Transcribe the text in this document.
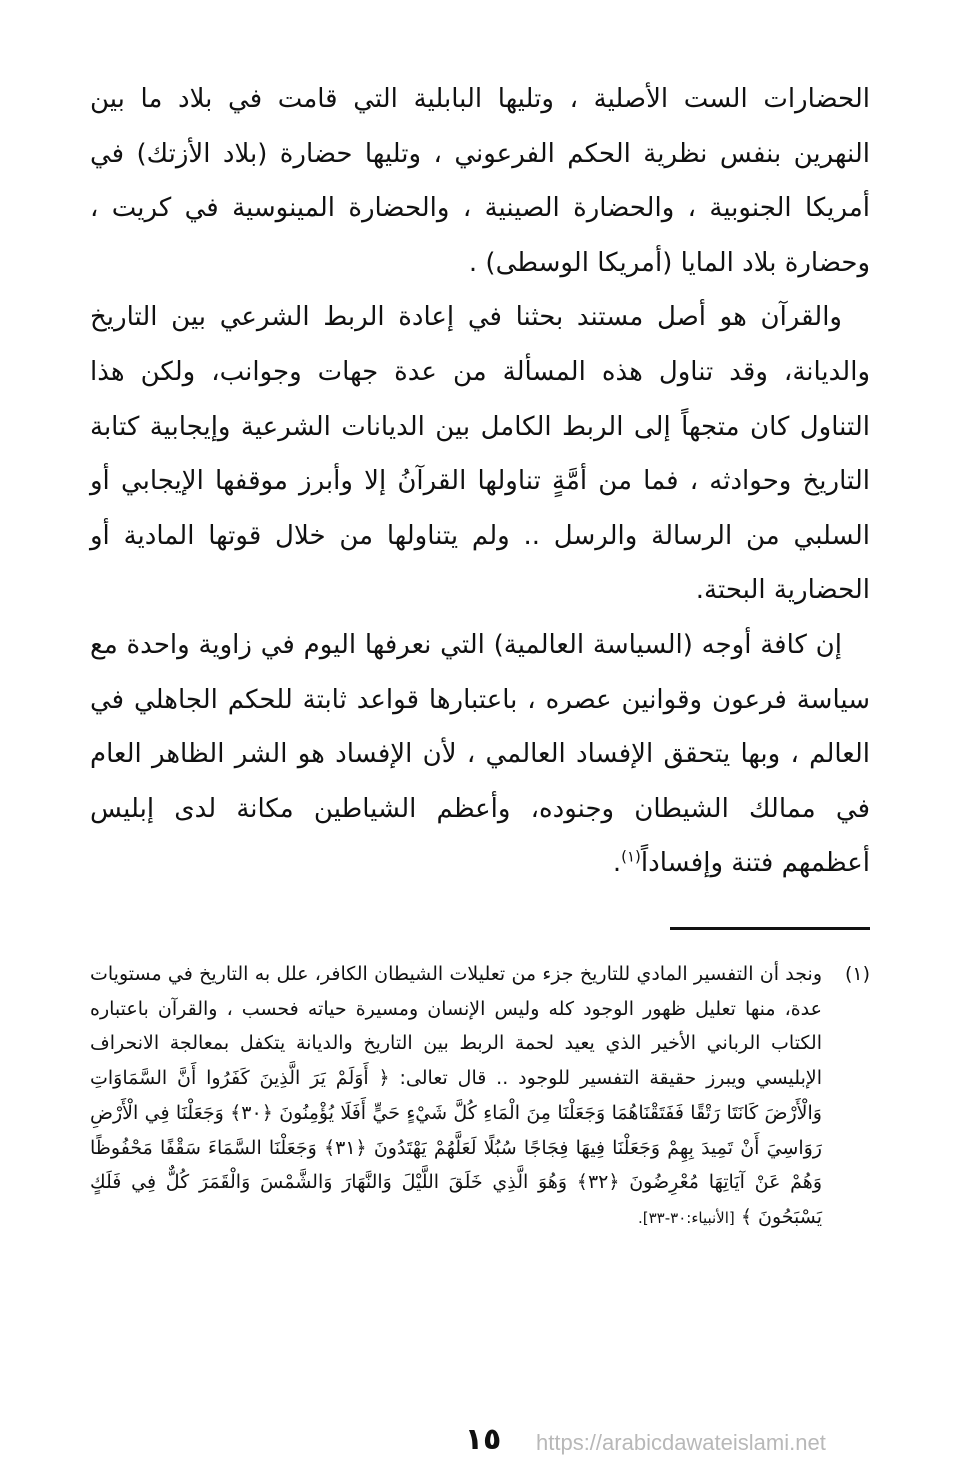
الحضارات الست الأصلية ، وتليها البابلية التي قامت في بلاد ما بين النهرين بنفس نظرية الحكم الفرعوني ، وتليها حضارة (بلاد الأزتك) في أمريكا الجنوبية ، والحضارة الصينية ، والحضارة المينوسية في كريت ، وحضارة بلاد المايا (أمريكا الوسطى) .

والقرآن هو أصل مستند بحثنا في إعادة الربط الشرعي بين التاريخ والديانة، وقد تناول هذه المسألة من عدة جهات وجوانب، ولكن هذا التناول كان متجهاً إلى الربط الكامل بين الديانات الشرعية وإيجابية كتابة التاريخ وحوادثه ، فما من أمَّةٍ تناولها القرآنُ إلا وأبرز موقفها الإيجابي أو السلبي من الرسالة والرسل .. ولم يتناولها من خلال قوتها المادية أو الحضارية البحتة.

إن كافة أوجه (السياسة العالمية) التي نعرفها اليوم في زاوية واحدة مع سياسة فرعون وقوانين عصره ، باعتبارها قواعد ثابتة للحكم الجاهلي في العالم ، وبها يتحقق الإفساد العالمي ، لأن الإفساد هو الشر الظاهر العام في ممالك الشيطان وجنوده، وأعظم الشياطين مكانة لدى إبليس أعظمهم فتنة وإفساداً$^{(١)}$.

(١)
ونجد أن التفسير المادي للتاريخ جزء من تعليلات الشيطان الكافر، علل به التاريخ في مستويات عدة، منها تعليل ظهور الوجود كله وليس الإنسان ومسيرة حياته فحسب ، والقرآن باعتباره الكتاب الرباني الأخير الذي يعيد لحمة الربط بين التاريخ والديانة يتكفل بمعالجة الانحراف الإبليسي ويبرز حقيقة التفسير للوجود .. قال تعالى: ﴿ أَوَلَمْ يَرَ الَّذِينَ كَفَرُوا أَنَّ السَّمَاوَاتِ وَالْأَرْضَ كَانَتَا رَتْقًا فَفَتَقْنَاهُمَا وَجَعَلْنَا مِنَ الْمَاءِ كُلَّ شَيْءٍ حَيٍّ أَفَلَا يُؤْمِنُونَ ﴿٣٠﴾ وَجَعَلْنَا فِي الْأَرْضِ رَوَاسِيَ أَنْ تَمِيدَ بِهِمْ وَجَعَلْنَا فِيهَا فِجَاجًا سُبُلًا لَعَلَّهُمْ يَهْتَدُونَ ﴿٣١﴾ وَجَعَلْنَا السَّمَاءَ سَقْفًا مَحْفُوظًا وَهُمْ عَنْ آيَاتِهَا مُعْرِضُونَ ﴿٣٢﴾ وَهُوَ الَّذِي خَلَقَ اللَّيْلَ وَالنَّهَارَ وَالشَّمْسَ وَالْقَمَرَ كُلٌّ فِي فَلَكٍ يَسْبَحُونَ ﴾ [الأنبياء:٣٠-٣٣].
١٥	https://arabicdawateislami.net
